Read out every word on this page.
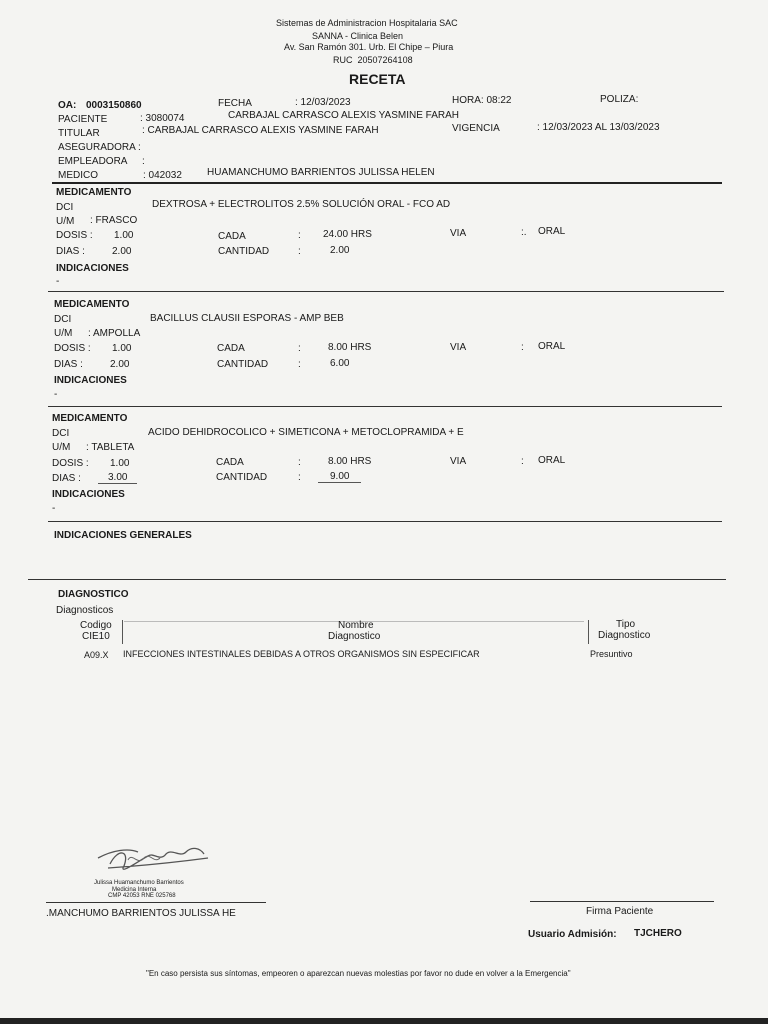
Sistemas de Administracion Hospitalaria SAC
SANNA - Clinica Belen
Av. San Ramón 301. Urb. El Chipe – Piura
RUC 20507264108
RECETA
OA: 0003150860	FECHA	: 12/03/2023	HORA: 08:22	POLIZA:
PACIENTE	: 3080074	CARBAJAL CARRASCO ALEXIS YASMINE FARAH
TITULAR	: CARBAJAL CARRASCO ALEXIS YASMINE FARAH	VIGENCIA	: 12/03/2023 AL 13/03/2023
ASEGURADORA :
EMPLEADORA :
MEDICO	: 042032	HUAMANCHUMO BARRIENTOS JULISSA HELEN
MEDICAMENTO
DCI	DEXTROSA + ELECTROLITOS 2.5% SOLUCIÓN ORAL - FCO AD
U/M : FRASCO
DOSIS : 1.00	CADA	: 24.00 HRS	VIA	:. ORAL
DIAS :	2.00	CANTIDAD	:	2.00
INDICACIONES
-
MEDICAMENTO
DCI	BACILLUS CLAUSII ESPORAS - AMP BEB
U/M : AMPOLLA
DOSIS : 1.00	CADA	:	8.00 HRS	VIA	: ORAL
DIAS :	2.00	CANTIDAD	:	6.00
INDICACIONES
-
MEDICAMENTO
DCI	ACIDO DEHIDROCOLICO + SIMETICONA + METOCLOPRAMIDA + E
U/M : TABLETA
DOSIS : 1.00	CADA	:	8.00 HRS	VIA	: ORAL
DIAS :	3.00	CANTIDAD	:	9.00
INDICACIONES
-
INDICACIONES GENERALES
DIAGNOSTICO
Diagnosticos
Codigo
CIE10
Nombre
Diagnostico
Tipo
Diagnostico
A09.X INFECCIONES INTESTINALES DEBIDAS A OTROS ORGANISMOS SIN ESPECIFICAR	Presuntivo
Julissa Huamanchumo Barrientos
Medicina Interna
CMP 42053 RNE 025768
.MANCHUMO BARRIENTOS JULISSA HE	Firma Paciente
Usuario Admisión: TJCHERO
"En caso persista sus síntomas, empeoren o aparezcan nuevas molestias por favor no dude en volver a la Emergencia"
